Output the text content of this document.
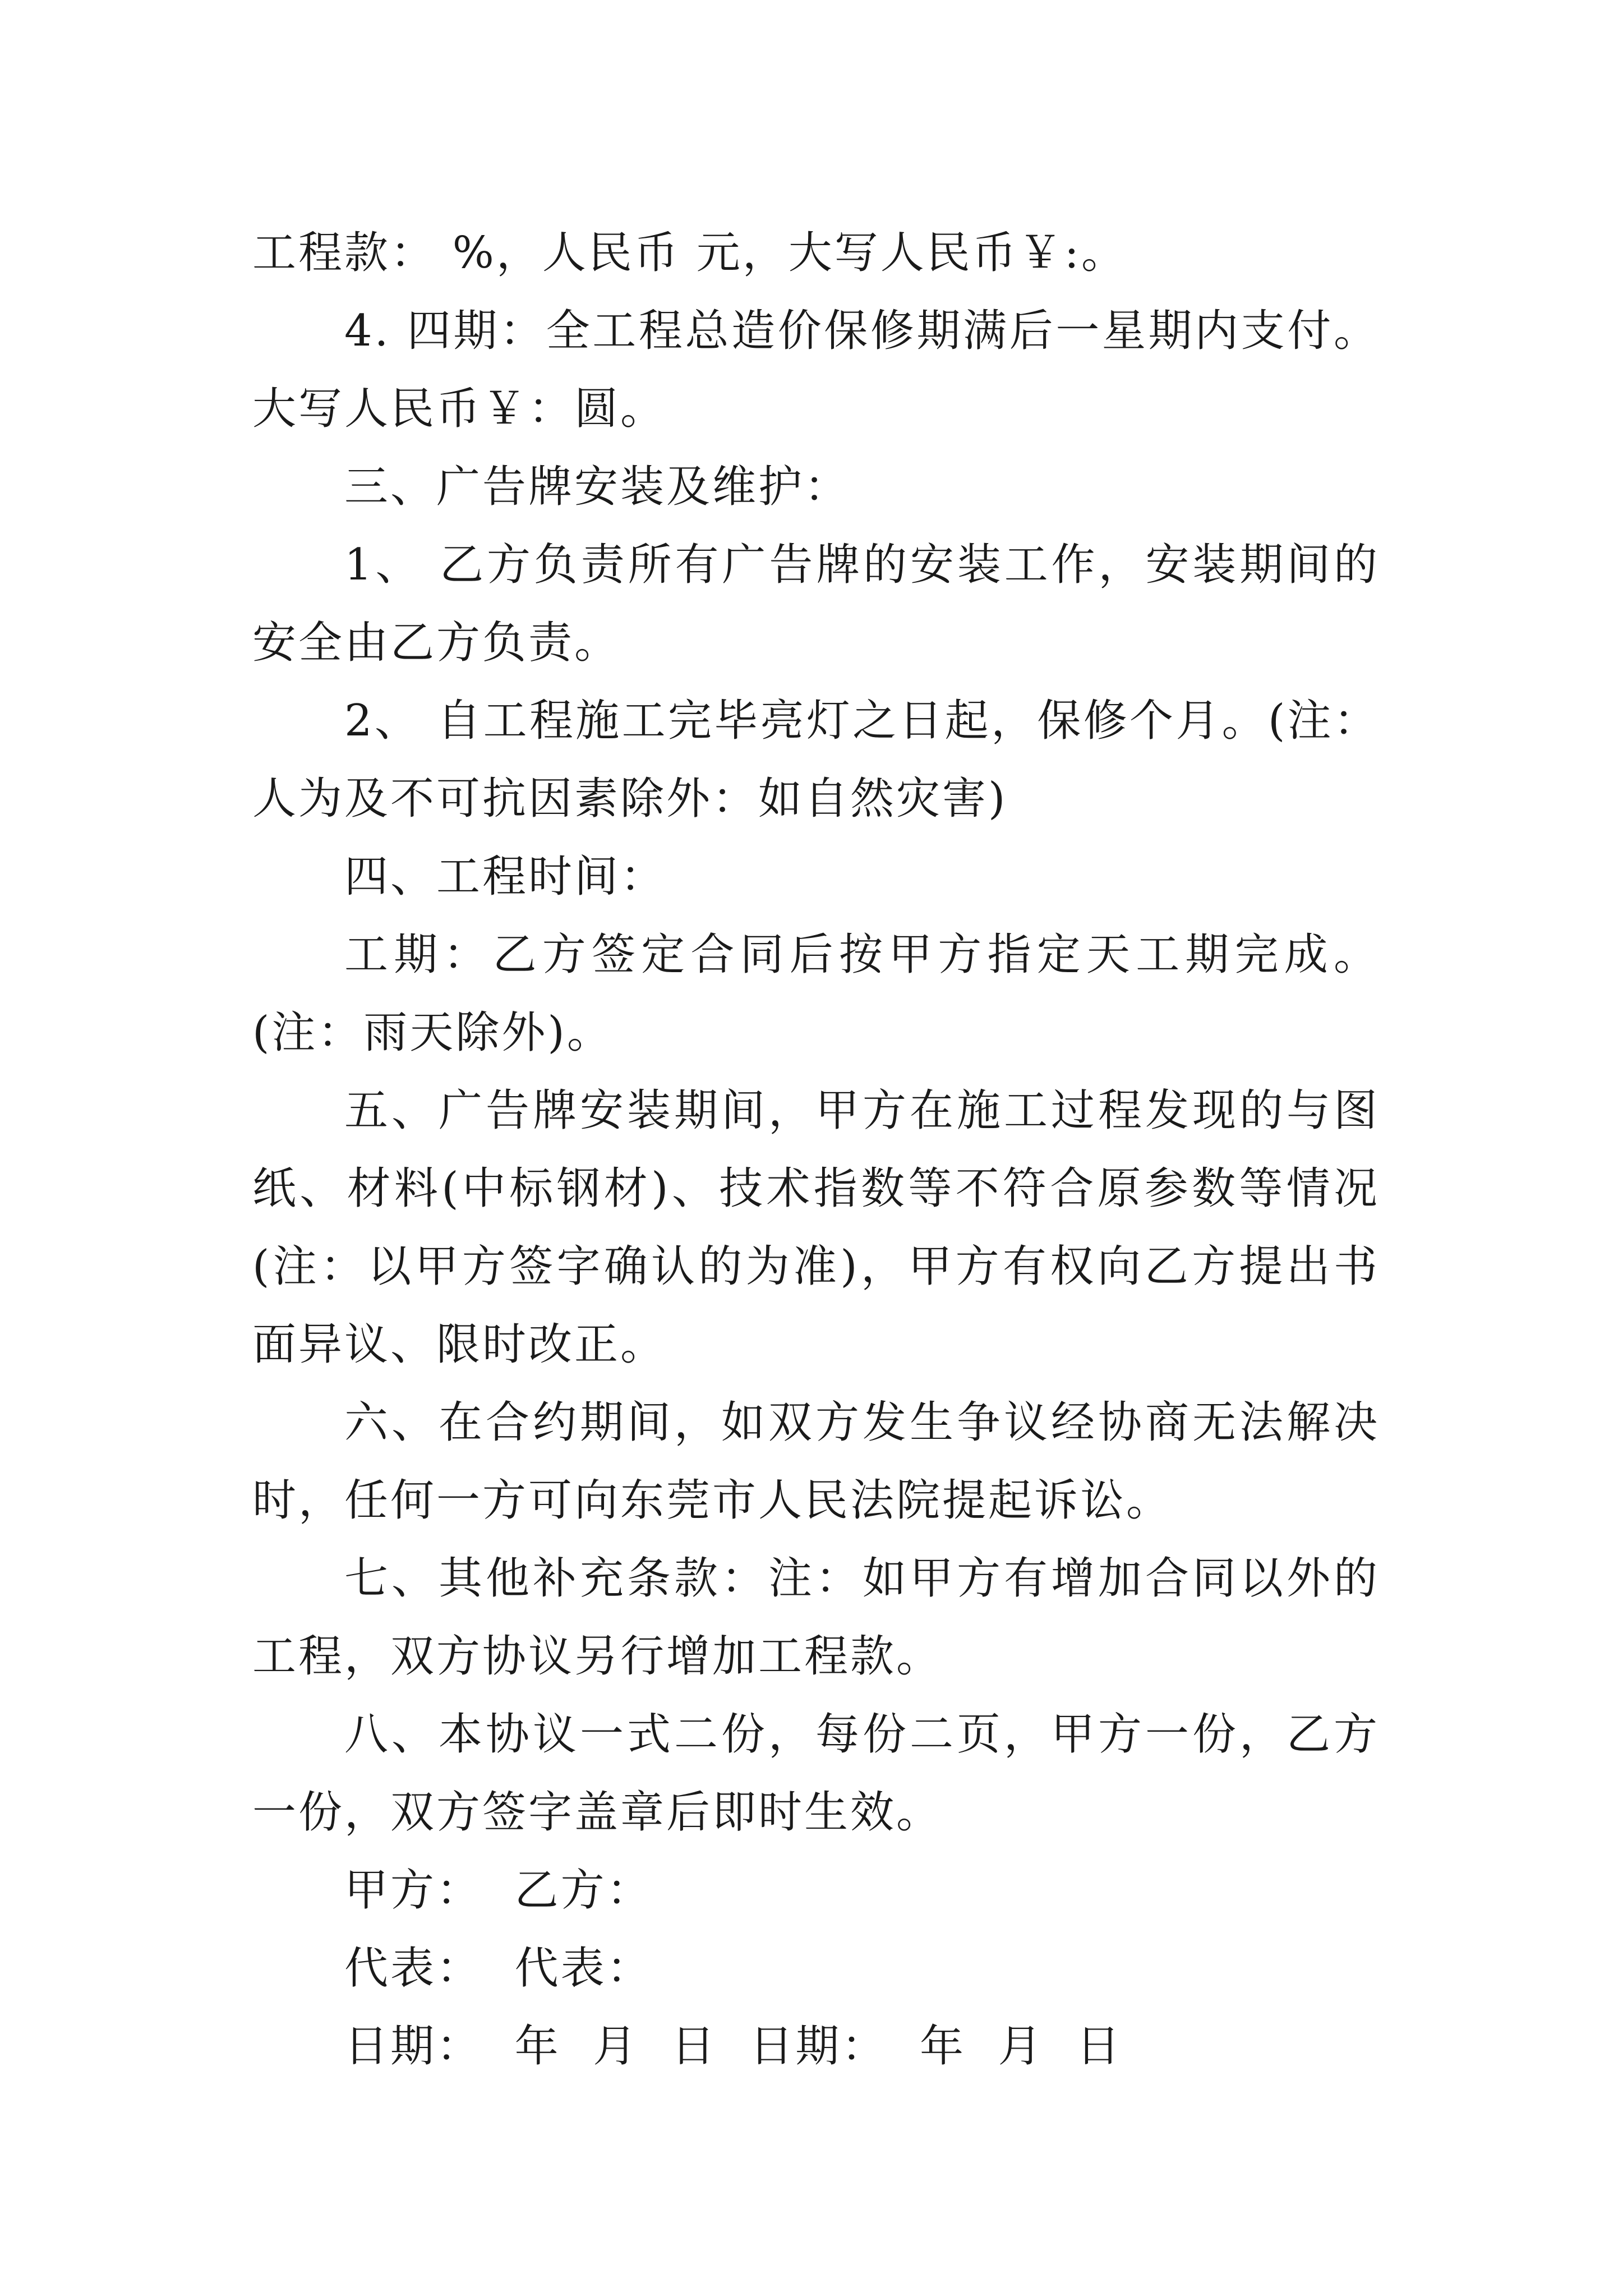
工程款： %，人民币 元，大写人民币￥:。

4. 四期：全工程总造价保修期满后一星期内支付。大写人民币￥：圆。

三、广告牌安装及维护：

1、 乙方负责所有广告牌的安装工作，安装期间的安全由乙方负责。

2、 自工程施工完毕亮灯之日起，保修个月。(注：人为及不可抗因素除外：如自然灾害)

四、工程时间：

工期：乙方签定合同后按甲方指定天工期完成。(注：雨天除外)。

五、广告牌安装期间，甲方在施工过程发现的与图纸、材料(中标钢材)、技术指数等不符合原参数等情况(注：以甲方签字确认的为准)，甲方有权向乙方提出书面异议、限时改正。

六、在合约期间，如双方发生争议经协商无法解决时，任何一方可向东莞市人民法院提起诉讼。

七、其他补充条款：注：如甲方有增加合同以外的工程，双方协议另行增加工程款。

八、本协议一式二份，每份二页，甲方一份，乙方一份，双方签字盖章后即时生效。

甲方：  乙方：
代表：  代表：
日期：  年  月  日  日期：  年  月  日
